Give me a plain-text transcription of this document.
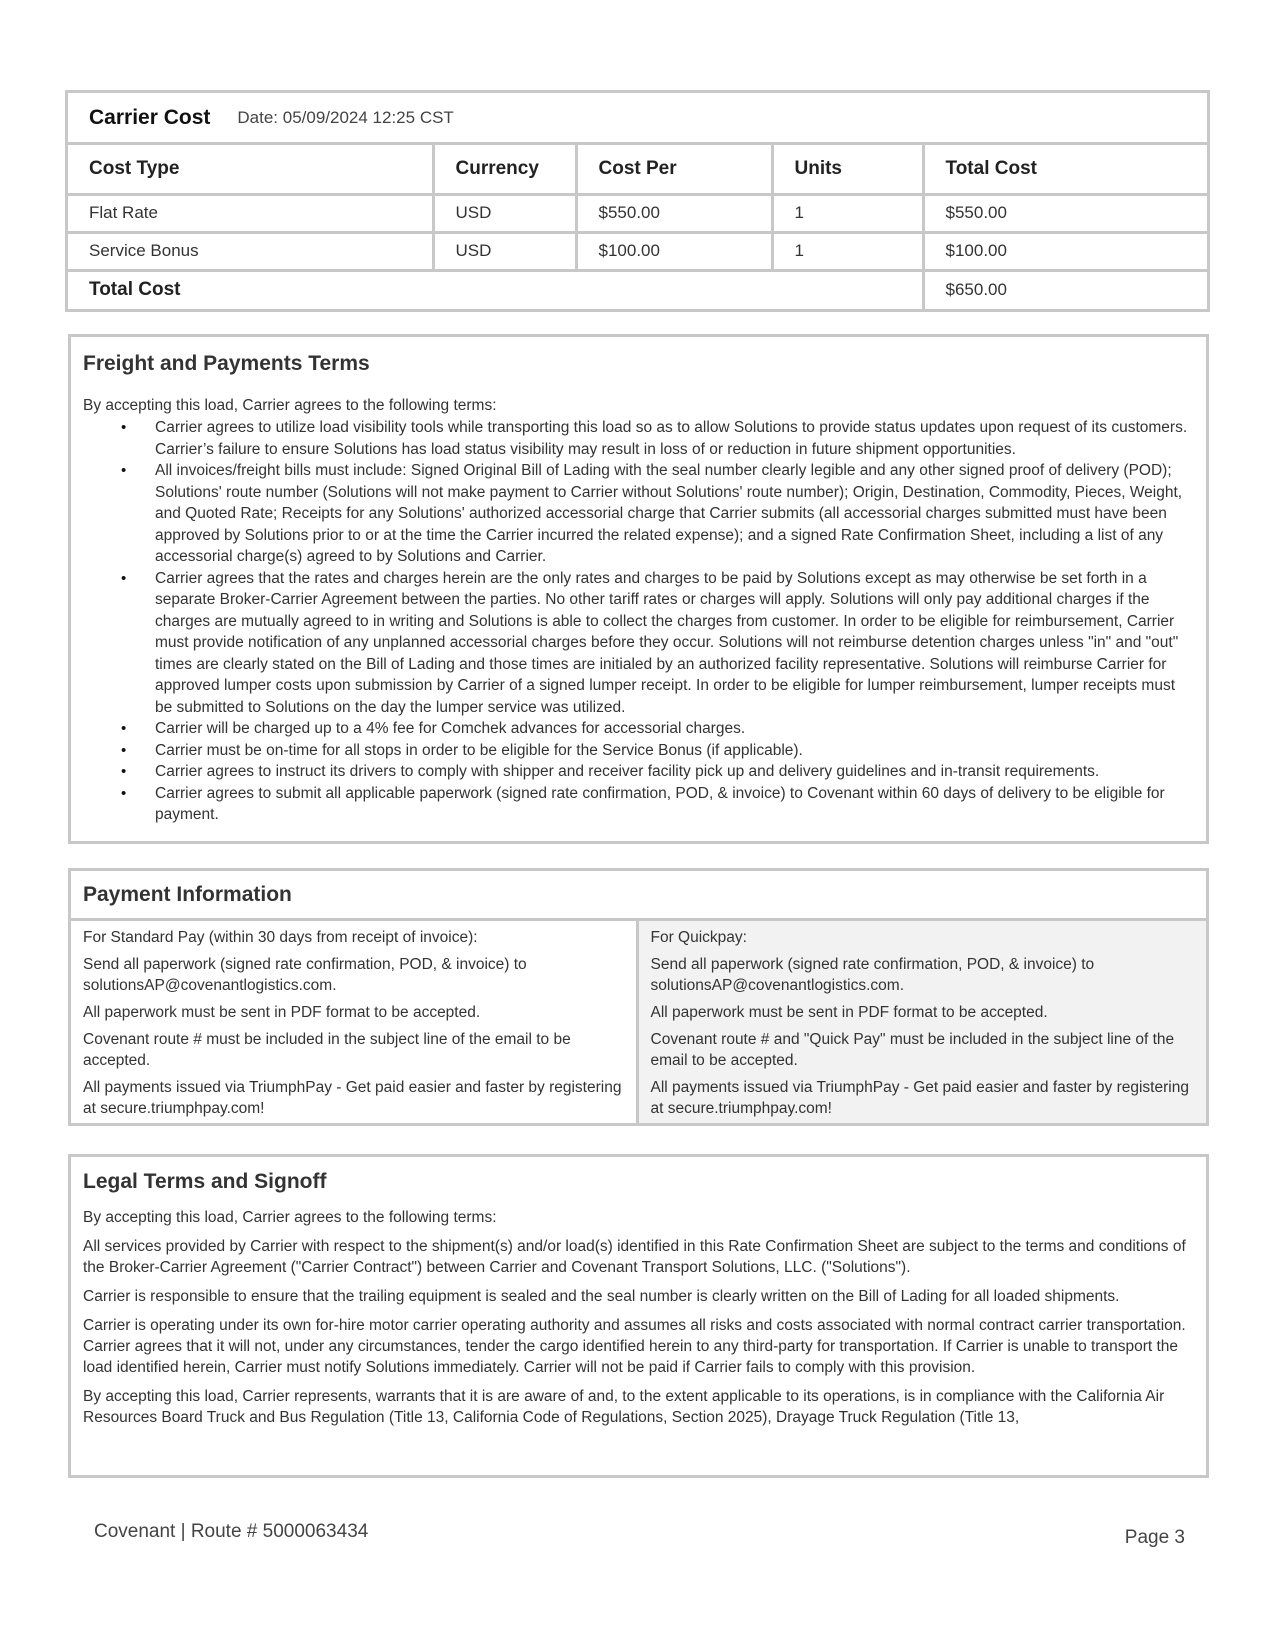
Carrier Cost Date: 05/09/2024 12:25 CST
Cost Type	Currency	Cost Per	Units	Total Cost
Flat Rate	USD	$550.00	1	$550.00
Service Bonus	USD	$100.00	1	$100.00
Total Cost				$650.00
Freight and Payments Terms
By accepting this load, Carrier agrees to the following terms:
• Carrier agrees to utilize load visibility tools while transporting this load so as to allow Solutions to provide status updates upon request of its customers. Carrier’s failure to ensure Solutions has load status visibility may result in loss of or reduction in future shipment opportunities.
• All invoices/freight bills must include: Signed Original Bill of Lading with the seal number clearly legible and any other signed proof of delivery (POD); Solutions' route number (Solutions will not make payment to Carrier without Solutions' route number); Origin, Destination, Commodity, Pieces, Weight, and Quoted Rate; Receipts for any Solutions' authorized accessorial charge that Carrier submits (all accessorial charges submitted must have been approved by Solutions prior to or at the time the Carrier incurred the related expense); and a signed Rate Confirmation Sheet, including a list of any accessorial charge(s) agreed to by Solutions and Carrier.
• Carrier agrees that the rates and charges herein are the only rates and charges to be paid by Solutions except as may otherwise be set forth in a separate Broker-Carrier Agreement between the parties. No other tariff rates or charges will apply. Solutions will only pay additional charges if the charges are mutually agreed to in writing and Solutions is able to collect the charges from customer. In order to be eligible for reimbursement, Carrier must provide notification of any unplanned accessorial charges before they occur. Solutions will not reimburse detention charges unless "in" and "out" times are clearly stated on the Bill of Lading and those times are initialed by an authorized facility representative. Solutions will reimburse Carrier for approved lumper costs upon submission by Carrier of a signed lumper receipt. In order to be eligible for lumper reimbursement, lumper receipts must be submitted to Solutions on the day the lumper service was utilized.
• Carrier will be charged up to a 4% fee for Comchek advances for accessorial charges.
• Carrier must be on-time for all stops in order to be eligible for the Service Bonus (if applicable).
• Carrier agrees to instruct its drivers to comply with shipper and receiver facility pick up and delivery guidelines and in-transit requirements.
• Carrier agrees to submit all applicable paperwork (signed rate confirmation, POD, & invoice) to Covenant within 60 days of delivery to be eligible for payment.
Payment Information

For Standard Pay (within 30 days from receipt of invoice):

Send all paperwork (signed rate confirmation, POD, & invoice) to solutionsAP@covenantlogistics.com.

All paperwork must be sent in PDF format to be accepted.

Covenant route # must be included in the subject line of the email to be accepted.

All payments issued via TriumphPay - Get paid easier and faster by registering at secure.triumphpay.com!

For Quickpay:

Send all paperwork (signed rate confirmation, POD, & invoice) to solutionsAP@covenantlogistics.com.

All paperwork must be sent in PDF format to be accepted.

Covenant route # and "Quick Pay" must be included in the subject line of the email to be accepted.

All payments issued via TriumphPay - Get paid easier and faster by registering at secure.triumphpay.com!

Legal Terms and Signoff

By accepting this load, Carrier agrees to the following terms:

All services provided by Carrier with respect to the shipment(s) and/or load(s) identified in this Rate Confirmation Sheet are subject to the terms and conditions of the Broker-Carrier Agreement ("Carrier Contract") between Carrier and Covenant Transport Solutions, LLC. ("Solutions").

Carrier is responsible to ensure that the trailing equipment is sealed and the seal number is clearly written on the Bill of Lading for all loaded shipments.

Carrier is operating under its own for-hire motor carrier operating authority and assumes all risks and costs associated with normal contract carrier transportation. Carrier agrees that it will not, under any circumstances, tender the cargo identified herein to any third-party for transportation. If Carrier is unable to transport the load identified herein, Carrier must notify Solutions immediately. Carrier will not be paid if Carrier fails to comply with this provision.

By accepting this load, Carrier represents, warrants that it is are aware of and, to the extent applicable to its operations, is in compliance with the California Air Resources Board Truck and Bus Regulation (Title 13, California Code of Regulations, Section 2025), Drayage Truck Regulation (Title 13,

Covenant | Route # 5000063434	Page 3
